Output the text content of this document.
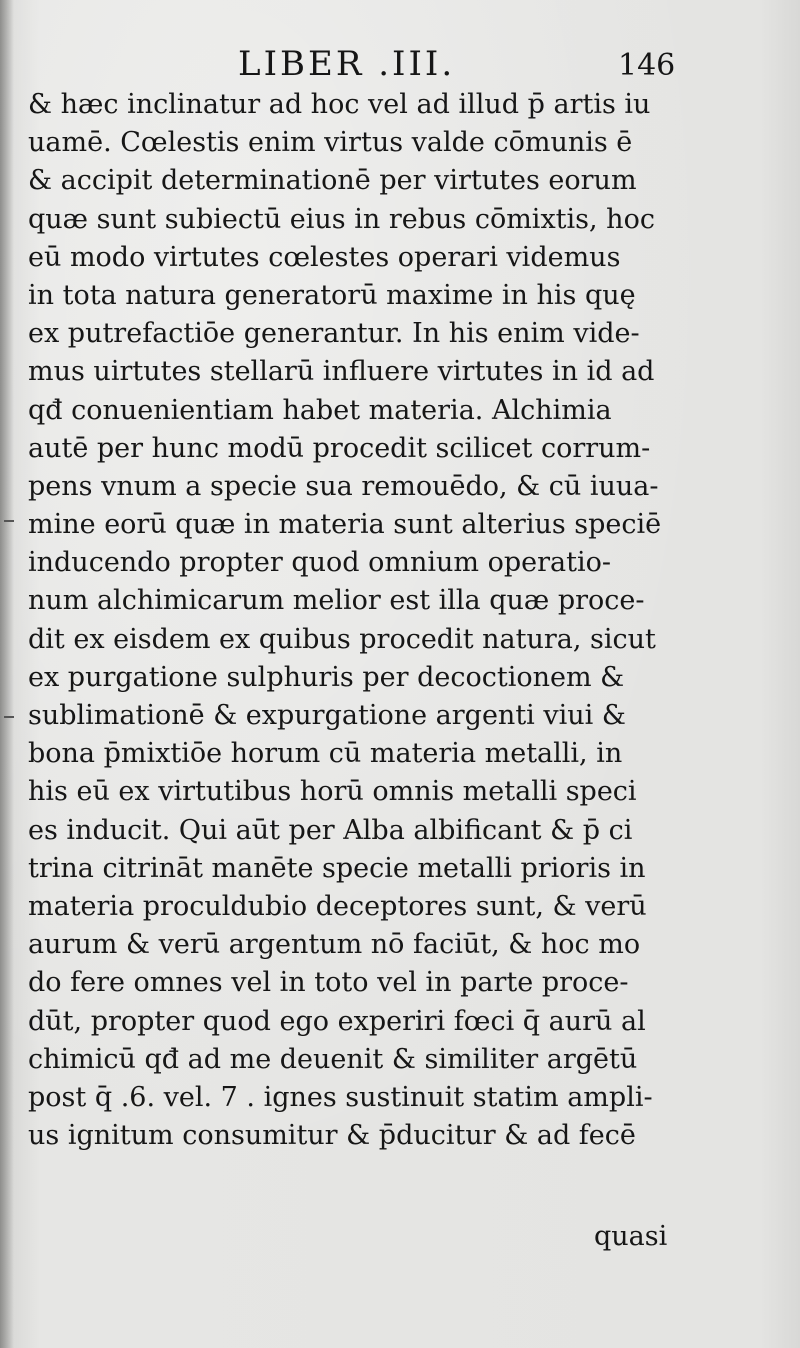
LIBER .III.	146
& hæc inclinatur ad hoc vel ad illud p̄ artis iu
uamē. Cœlestis enim virtus valde cōmunis ē
& accipit determinationē per virtutes eorum
quæ sunt subiectū eius in rebus cōmixtis, hoc
eū modo virtutes cœlestes operari videmus
in tota natura generatorū maxime in his quę
ex putrefactiōe generantur. In his enim vide-
mus uirtutes stellarū influere virtutes in id ad
qđ conuenientiam habet materia. Alchimia
autē per hunc modū procedit scilicet corrum-
pens vnum a specie sua remouēdo, & cū iuua-
mine eorū quæ in materia sunt alterius speciē
inducendo propter quod omnium operatio-
num alchimicarum melior est illa quæ proce-
dit ex eisdem ex quibus procedit natura, sicut
ex purgatione sulphuris per decoctionem &
sublimationē & expurgatione argenti viui &
bona p̄mixtiōe horum cū materia metalli, in
his eū ex virtutibus horū omnis metalli speci
es inducit. Qui aūt per Alba albificant & p̄ ci
trina citrināt manēte specie metalli prioris in
materia proculdubio deceptores sunt, & verū
aurum & verū argentum nō faciūt, & hoc mo
do fere omnes vel in toto vel in parte proce-
dūt, propter quod ego experiri fœci q̄ aurū al
chimicū qđ ad me deuenit & similiter argētū
post q̄ .6. vel. 7 . ignes sustinuit statim ampli-
us ignitum consumitur & p̄ducitur & ad fecē
quasi
